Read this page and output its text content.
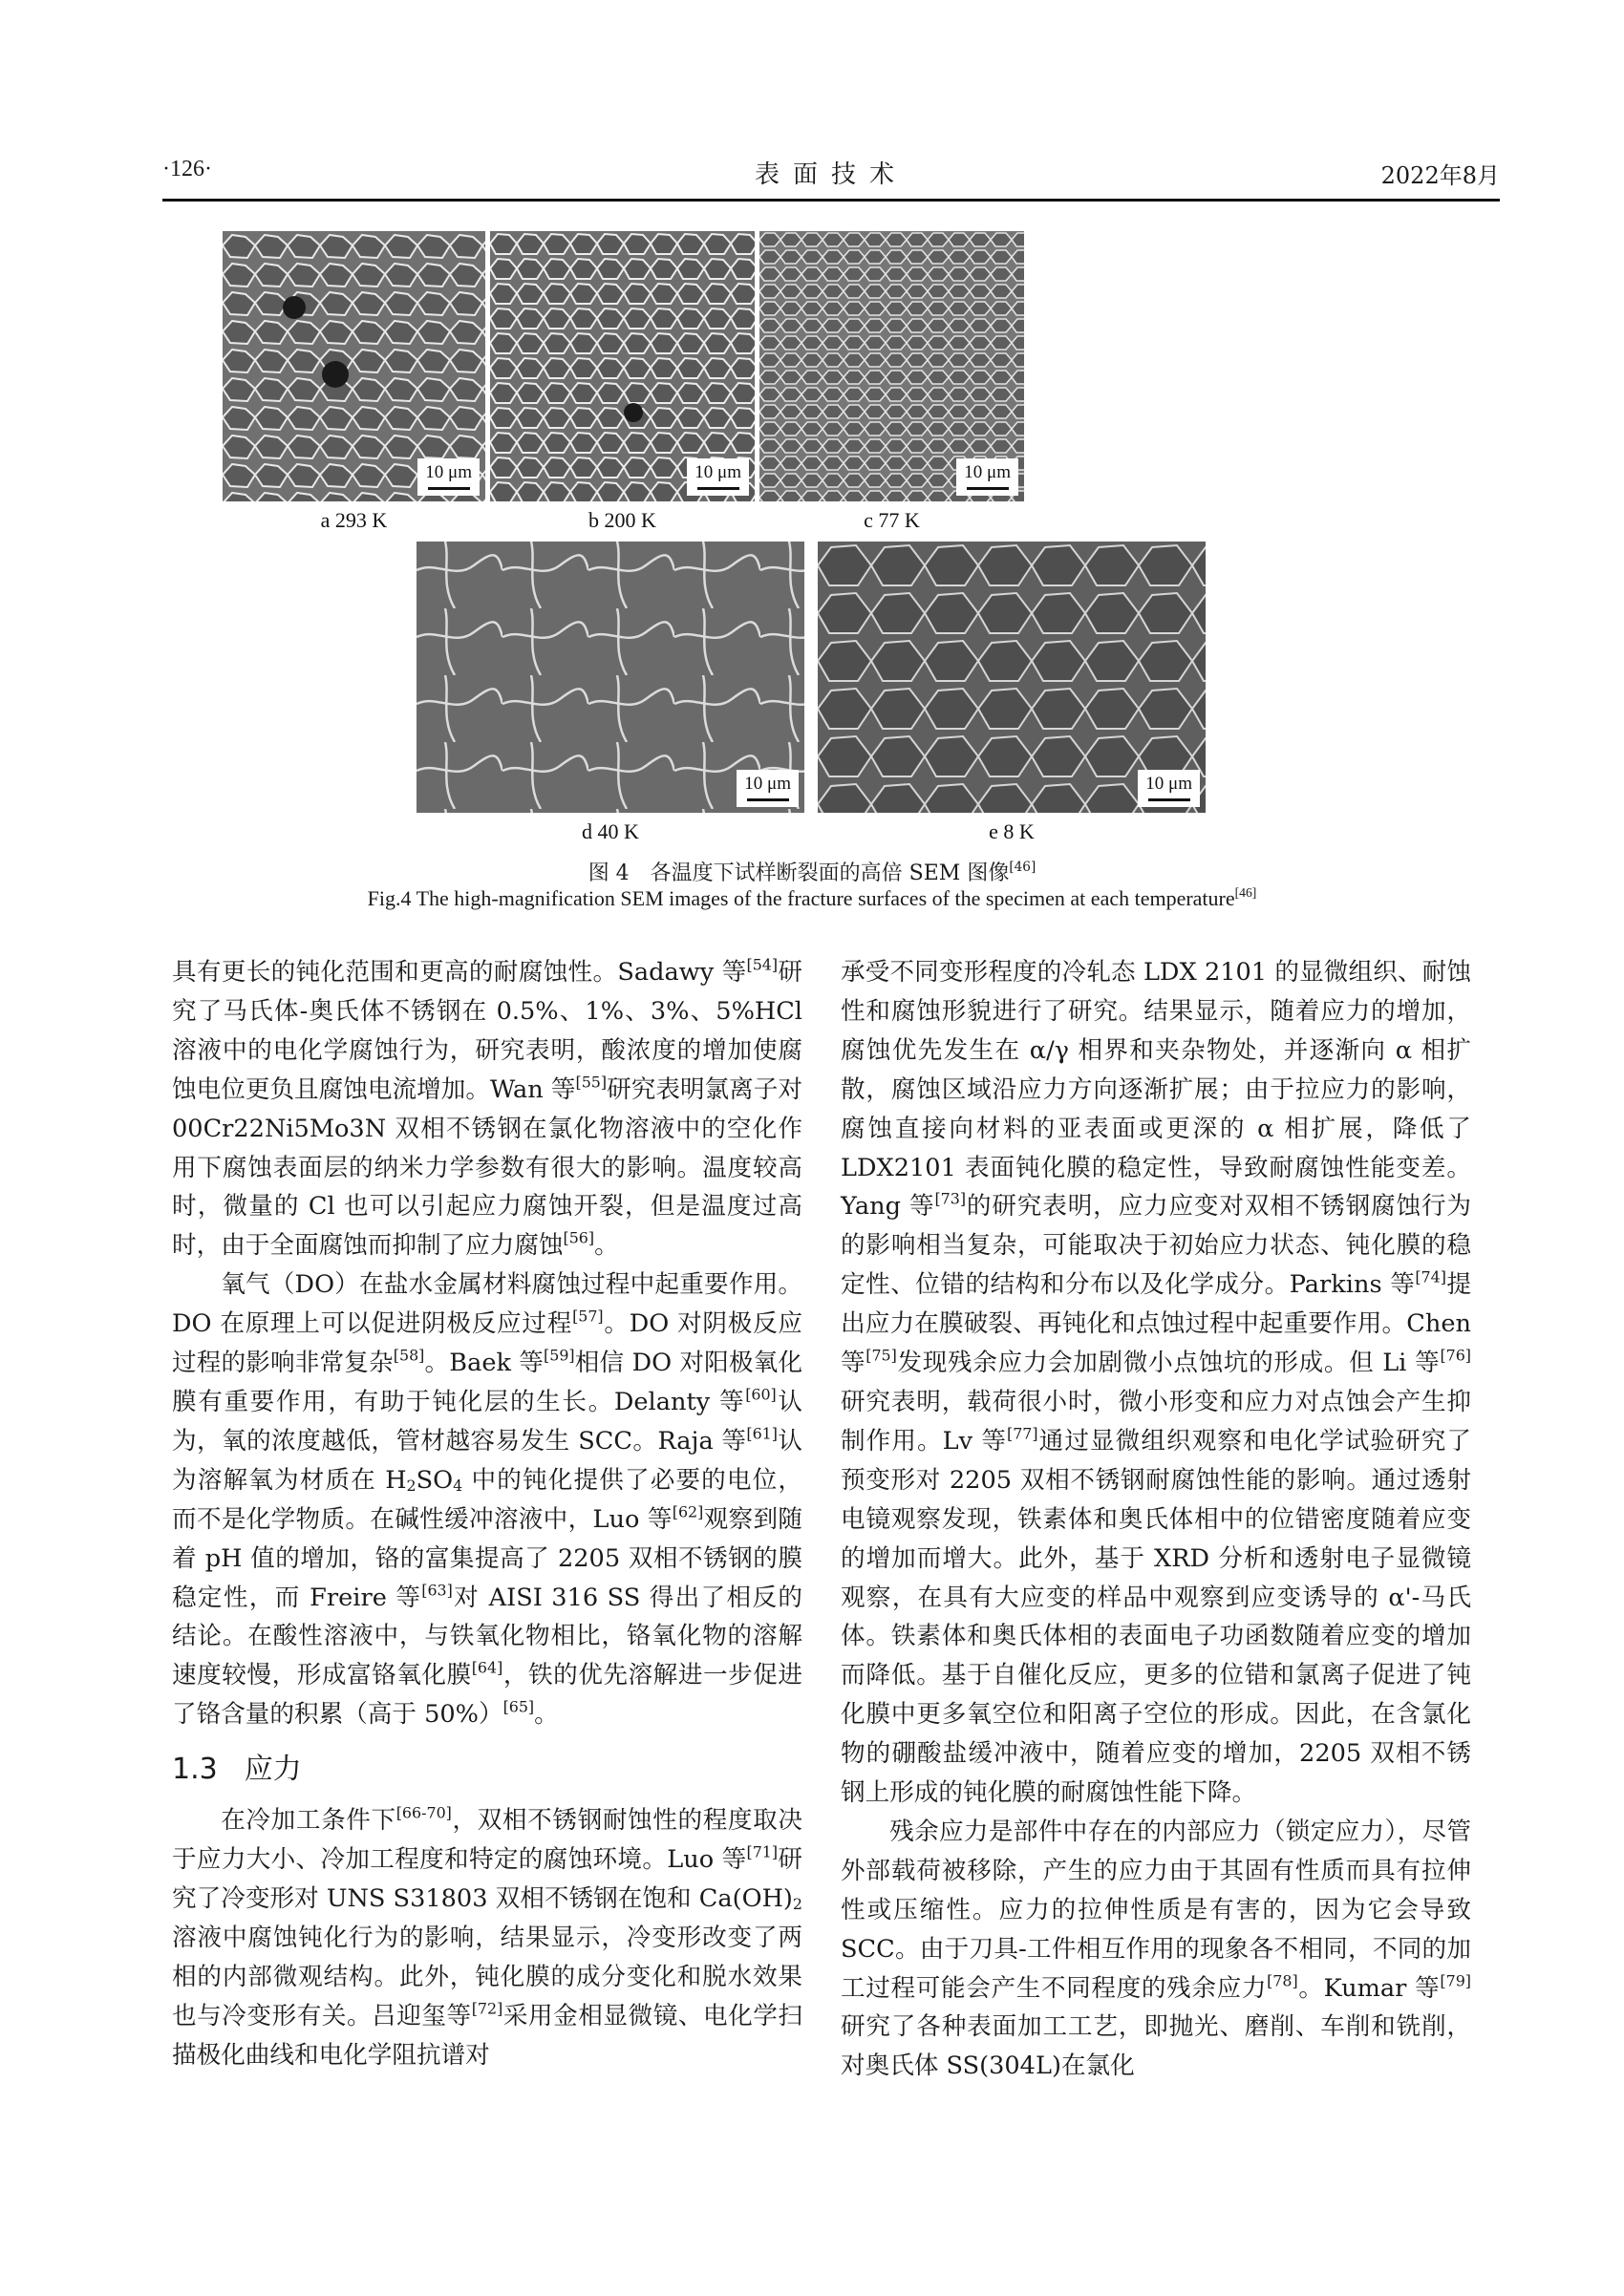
·126·	表面技术	2022年8月
10 μm
a 293 K
10 μm
b 200 K
10 μm
c 77 K
10 μm
d 40 K
10 μm
e 8 K
图 4　各温度下试样断裂面的高倍 SEM 图像[46]
Fig.4 The high-magnification SEM images of the fracture surfaces of the specimen at each temperature[46]

具有更长的钝化范围和更高的耐腐蚀性。Sadawy 等[54]研究了马氏体-奥氏体不锈钢在 0.5%、1%、3%、5%HCl 溶液中的电化学腐蚀行为，研究表明，酸浓度的增加使腐蚀电位更负且腐蚀电流增加。Wan 等[55]研究表明氯离子对 00Cr22Ni5Mo3N 双相不锈钢在氯化物溶液中的空化作用下腐蚀表面层的纳米力学参数有很大的影响。温度较高时，微量的 Cl 也可以引起应力腐蚀开裂，但是温度过高时，由于全面腐蚀而抑制了应力腐蚀[56]。

氧气（DO）在盐水金属材料腐蚀过程中起重要作用。DO 在原理上可以促进阴极反应过程[57]。DO 对阴极反应过程的影响非常复杂[58]。Baek 等[59]相信 DO 对阳极氧化膜有重要作用，有助于钝化层的生长。Delanty 等[60]认为，氧的浓度越低，管材越容易发生 SCC。Raja 等[61]认为溶解氧为材质在 $H_2SO_4$ 中的钝化提供了必要的电位，而不是化学物质。在碱性缓冲溶液中，Luo 等[62]观察到随着 pH 值的增加，铬的富集提高了 2205 双相不锈钢的膜稳定性，而 Freire 等[63]对 AISI 316 SS 得出了相反的结论。在酸性溶液中，与铁氧化物相比，铬氧化物的溶解速度较慢，形成富铬氧化膜[64]，铁的优先溶解进一步促进了铬含量的积累（高于 50%）[65]。

1.3 应力

在冷加工条件下[66-70]，双相不锈钢耐蚀性的程度取决于应力大小、冷加工程度和特定的腐蚀环境。Luo 等[71]研究了冷变形对 UNS S31803 双相不锈钢在饱和 $Ca(OH)_2$ 溶液中腐蚀钝化行为的影响，结果显示，冷变形改变了两相的内部微观结构。此外，钝化膜的成分变化和脱水效果也与冷变形有关。吕迎玺等[72]采用金相显微镜、电化学扫描极化曲线和电化学阻抗谱对

承受不同变形程度的冷轧态 LDX 2101 的显微组织、耐蚀性和腐蚀形貌进行了研究。结果显示，随着应力的增加，腐蚀优先发生在 α/γ 相界和夹杂物处，并逐渐向 α 相扩散，腐蚀区域沿应力方向逐渐扩展；由于拉应力的影响，腐蚀直接向材料的亚表面或更深的 α 相扩展，降低了 LDX2101 表面钝化膜的稳定性，导致耐腐蚀性能变差。Yang 等[73]的研究表明，应力应变对双相不锈钢腐蚀行为的影响相当复杂，可能取决于初始应力状态、钝化膜的稳定性、位错的结构和分布以及化学成分。Parkins 等[74]提出应力在膜破裂、再钝化和点蚀过程中起重要作用。Chen 等[75]发现残余应力会加剧微小点蚀坑的形成。但 Li 等[76]研究表明，载荷很小时，微小形变和应力对点蚀会产生抑制作用。Lv 等[77]通过显微组织观察和电化学试验研究了预变形对 2205 双相不锈钢耐腐蚀性能的影响。通过透射电镜观察发现，铁素体和奥氏体相中的位错密度随着应变的增加而增大。此外，基于 XRD 分析和透射电子显微镜观察，在具有大应变的样品中观察到应变诱导的 α'-马氏体。铁素体和奥氏体相的表面电子功函数随着应变的增加而降低。基于自催化反应，更多的位错和氯离子促进了钝化膜中更多氧空位和阳离子空位的形成。因此，在含氯化物的硼酸盐缓冲液中，随着应变的增加，2205 双相不锈钢上形成的钝化膜的耐腐蚀性能下降。

残余应力是部件中存在的内部应力（锁定应力），尽管外部载荷被移除，产生的应力由于其固有性质而具有拉伸性或压缩性。应力的拉伸性质是有害的，因为它会导致 SCC。由于刀具-工件相互作用的现象各不相同，不同的加工过程可能会产生不同程度的残余应力[78]。Kumar 等[79]研究了各种表面加工工艺，即抛光、磨削、车削和铣削，对奥氏体 SS(304L)在氯化
